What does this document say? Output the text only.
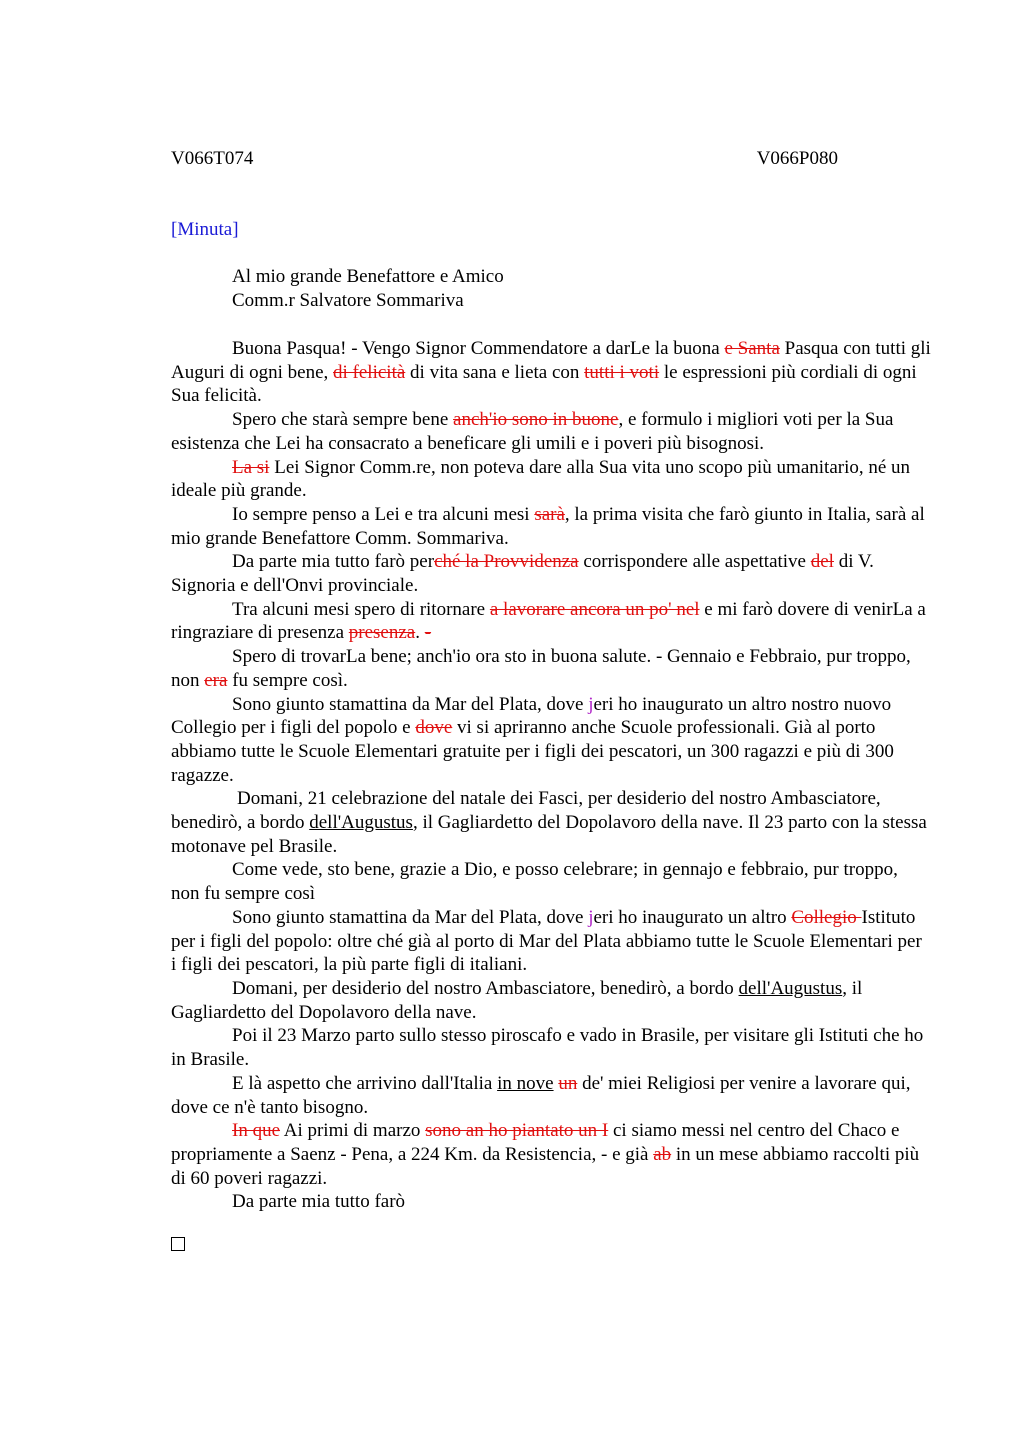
V066T074	V066P080
[Minuta]
Al mio grande Benefattore e Amico
Comm.r Salvatore Sommariva

Buona Pasqua! - Vengo Signor Commendatore a darLe la buona e Santa Pasqua con tutti gli Auguri di ogni bene, di felicità di vita sana e lieta con tutti i voti le espressioni più cordiali di ogni Sua felicità.

Spero che starà sempre bene anch'io sono in buone, e formulo i migliori voti per la Sua esistenza che Lei ha consacrato a beneficare gli umili e i poveri più bisognosi.

La si Lei Signor Comm.re, non poteva dare alla Sua vita uno scopo più umanitario, né un ideale più grande.

Io sempre penso a Lei e tra alcuni mesi sarà, la prima visita che farò giunto in Italia, sarà al mio grande Benefattore Comm. Sommariva.

Da parte mia tutto farò perché la Provvidenza corrispondere alle aspettative del di V. Signoria e dell'Onvi provinciale.

Tra alcuni mesi spero di ritornare a lavorare ancora un po' nel e mi farò dovere di venirLa a ringraziare di presenza presenza. -

Spero di trovarLa bene; anch'io ora sto in buona salute. - Gennaio e Febbraio, pur troppo, non era fu sempre così.

Sono giunto stamattina da Mar del Plata, dove jeri ho inaugurato un altro nostro nuovo Collegio per i figli del popolo e dove vi si apriranno anche Scuole professionali. Già al porto abbiamo tutte le Scuole Elementari gratuite per i figli dei pescatori, un 300 ragazzi e più di 300 ragazze.

Domani, 21 celebrazione del natale dei Fasci, per desiderio del nostro Ambasciatore, benedirò, a bordo dell'Augustus, il Gagliardetto del Dopolavoro della nave. Il 23 parto con la stessa motonave pel Brasile.

Come vede, sto bene, grazie a Dio, e posso celebrare; in gennajo e febbraio, pur troppo, non fu sempre così

Sono giunto stamattina da Mar del Plata, dove jeri ho inaugurato un altro Collegio Istituto per i figli del popolo: oltre ché già al porto di Mar del Plata abbiamo tutte le Scuole Elementari per i figli dei pescatori, la più parte figli di italiani.

Domani, per desiderio del nostro Ambasciatore, benedirò, a bordo dell'Augustus, il Gagliardetto del Dopolavoro della nave.

Poi il 23 Marzo parto sullo stesso piroscafo e vado in Brasile, per visitare gli Istituti che ho in Brasile.

E là aspetto che arrivino dall'Italia in nove un de' miei Religiosi per venire a lavorare qui, dove ce n'è tanto bisogno.

In que Ai primi di marzo sono an ho piantato un I ci siamo messi nel centro del Chaco e propriamente a Saenz - Pena, a 224 Km. da Resistencia, - e già ab in un mese abbiamo raccolti più di 60 poveri ragazzi.

Da parte mia tutto farò
